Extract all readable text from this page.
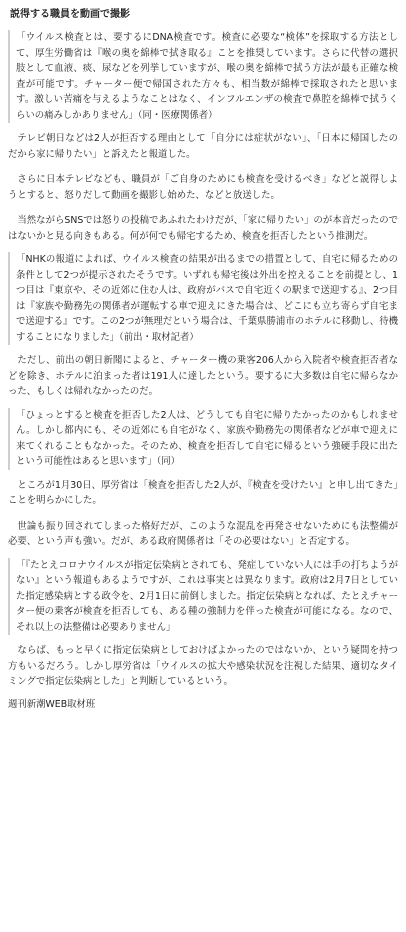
説得する職員を動画で撮影

「ウイルス検査とは、要するにDNA検査です。検査に必要な“検体”を採取する方法として、厚生労働省は『喉の奥を綿棒で拭き取る』ことを推奨しています。さらに代替の選択肢として血液、痰、尿などを列挙していますが、喉の奥を綿棒で拭う方法が最も正確な検査が可能です。チャーター便で帰国された方々も、相当数が綿棒で採取されたと思います。激しい苦痛を与えるようなことはなく、インフルエンザの検査で鼻腔を綿棒で拭うくらいの痛みしかありません」（同・医療関係者）

テレビ朝日などは2人が拒否する理由として「自分には症状がない」、「日本に帰国したのだから家に帰りたい」と訴えたと報道した。

さらに日本テレビなども、職員が「ご自身のためにも検査を受けるべき」などと説得しようとすると、怒りだして動画を撮影し始めた、などと放送した。

当然ながらSNSでは怒りの投稿であふれたわけだが、「家に帰りたい」のが本音だったのではないかと見る向きもある。何が何でも帰宅するため、検査を拒否したという推測だ。

「NHKの報道によれば、ウイルス検査の結果が出るまでの措置として、自宅に帰るための条件として2つが提示されたそうです。いずれも帰宅後は外出を控えることを前提とし、1つ目は『東京や、その近郊に住む人は、政府がバスで自宅近くの駅まで送迎する』、2つ目は『家族や勤務先の関係者が運転する車で迎えにきた場合は、どこにも立ち寄らず自宅まで送迎する』です。この2つが無理だという場合は、千葉県勝浦市のホテルに移動し、待機することになりました」（前出・取材記者）

ただし、前出の朝日新聞によると、チャーター機の乗客206人から入院者や検査拒否者などを除き、ホテルに泊まった者は191人に達したという。要するに大多数は自宅に帰らなかった、もしくは帰れなかったのだ。

「ひょっとすると検査を拒否した2人は、どうしても自宅に帰りたかったのかもしれません。しかし都内にも、その近郊にも自宅がなく、家族や勤務先の関係者などが車で迎えに来てくれることもなかった。そのため、検査を拒否して自宅に帰るという強硬手段に出たという可能性はあると思います」（同）

ところが1月30日、厚労省は「検査を拒否した2人が、『検査を受けたい』と申し出てきた」ことを明らかにした。

世論も振り回されてしまった格好だが、このような混乱を再発させないためにも法整備が必要、という声も強い。だが、ある政府関係者は「その必要はない」と否定する。

「『たとえコロナウイルスが指定伝染病とされても、発症していない人には手の打ちようがない』という報道もあるようですが、これは事実とは異なります。政府は2月7日としていた指定感染病とする政令を、2月1日に前倒しました。指定伝染病となれば、たとえチャーター便の乗客が検査を拒否しても、ある種の強制力を伴った検査が可能になる。なので、それ以上の法整備は必要ありません」

ならば、もっと早くに指定伝染病としておけばよかったのではないか、という疑問を持つ方もいるだろう。しかし厚労省は「ウイルスの拡大や感染状況を注視した結果、適切なタイミングで指定伝染病とした」と判断しているという。

週刊新潮WEB取材班
